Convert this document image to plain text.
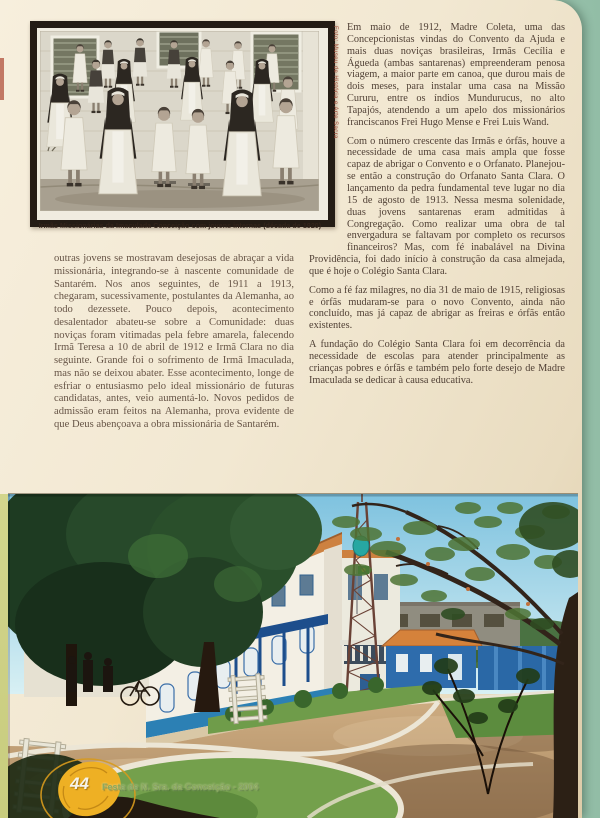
Foto: Museu de História e Arte Sacra
Irmãs Missionárias da Imaculada Conceição com jovens internas (década de 1920)

outras jovens se mostravam desejosas de abraçar a vida missionária, integrando-se à nascente comunidade de Santarém. Nos anos seguintes, de 1911 a 1913, chegaram, sucessivamente, postulantes da Alemanha, ao todo dezessete. Pouco depois, acontecimento desalentador abateu-se sobre a Comunidade: duas noviças foram vitimadas pela febre amarela, falecendo Irmã Teresa a 10 de abril de 1912 e Irmã Clara no dia seguinte. Grande foi o sofrimento de Irmã Imaculada, mas não se deixou abater. Esse acontecimento, longe de esfriar o entusiasmo pelo ideal missionário de futuras candidatas, antes, veio aumentá-lo. Novos pedidos de admissão eram feitos na Alemanha, prova evidente de que Deus abençoava a obra missionária de Santarém.

Em maio de 1912, Madre Coleta, uma das Concepcionistas vindas do Convento da Ajuda e mais duas noviças brasileiras, Irmãs Cecília e Águeda (ambas santarenas) empreenderam penosa viagem, a maior parte em canoa, que durou mais de dois meses, para instalar uma casa na Missão Cururu, entre os índios Mundurucus, no alto Tapajós, atendendo a um apelo dos missionários franciscanos Frei Hugo Mense e Frei Luis Wand.

Com o número crescente das Irmãs e órfãs, houve a necessidade de uma casa mais ampla que fosse capaz de abrigar o Convento e o Orfanato. Planejou-se então a construção do Orfanato Santa Clara. O lançamento da pedra fundamental teve lugar no dia 15 de agosto de 1913. Nessa mesma solenidade, duas jovens santarenas eram admitidas à Congregação. Como realizar uma obra de tal envergadura se faltavam por completo os recursos financeiros? Mas, com fé inabalável na Divina Providência, foi dado início à construção da casa almejada, que é hoje o Colégio Santa Clara.

Como a fé faz milagres, no dia 31 de maio de 1915, religiosas e órfãs mudaram-se para o novo Convento, ainda não concluído, mas já capaz de abrigar as freiras e órfãs então existentes.

A fundação do Colégio Santa Clara foi em decorrência da necessidade de escolas para atender principalmente as crianças pobres e órfãs e também pelo forte desejo de Madre Imaculada se dedicar à causa educativa.

44 Festa de N. Sra. da Conceição - 2004
